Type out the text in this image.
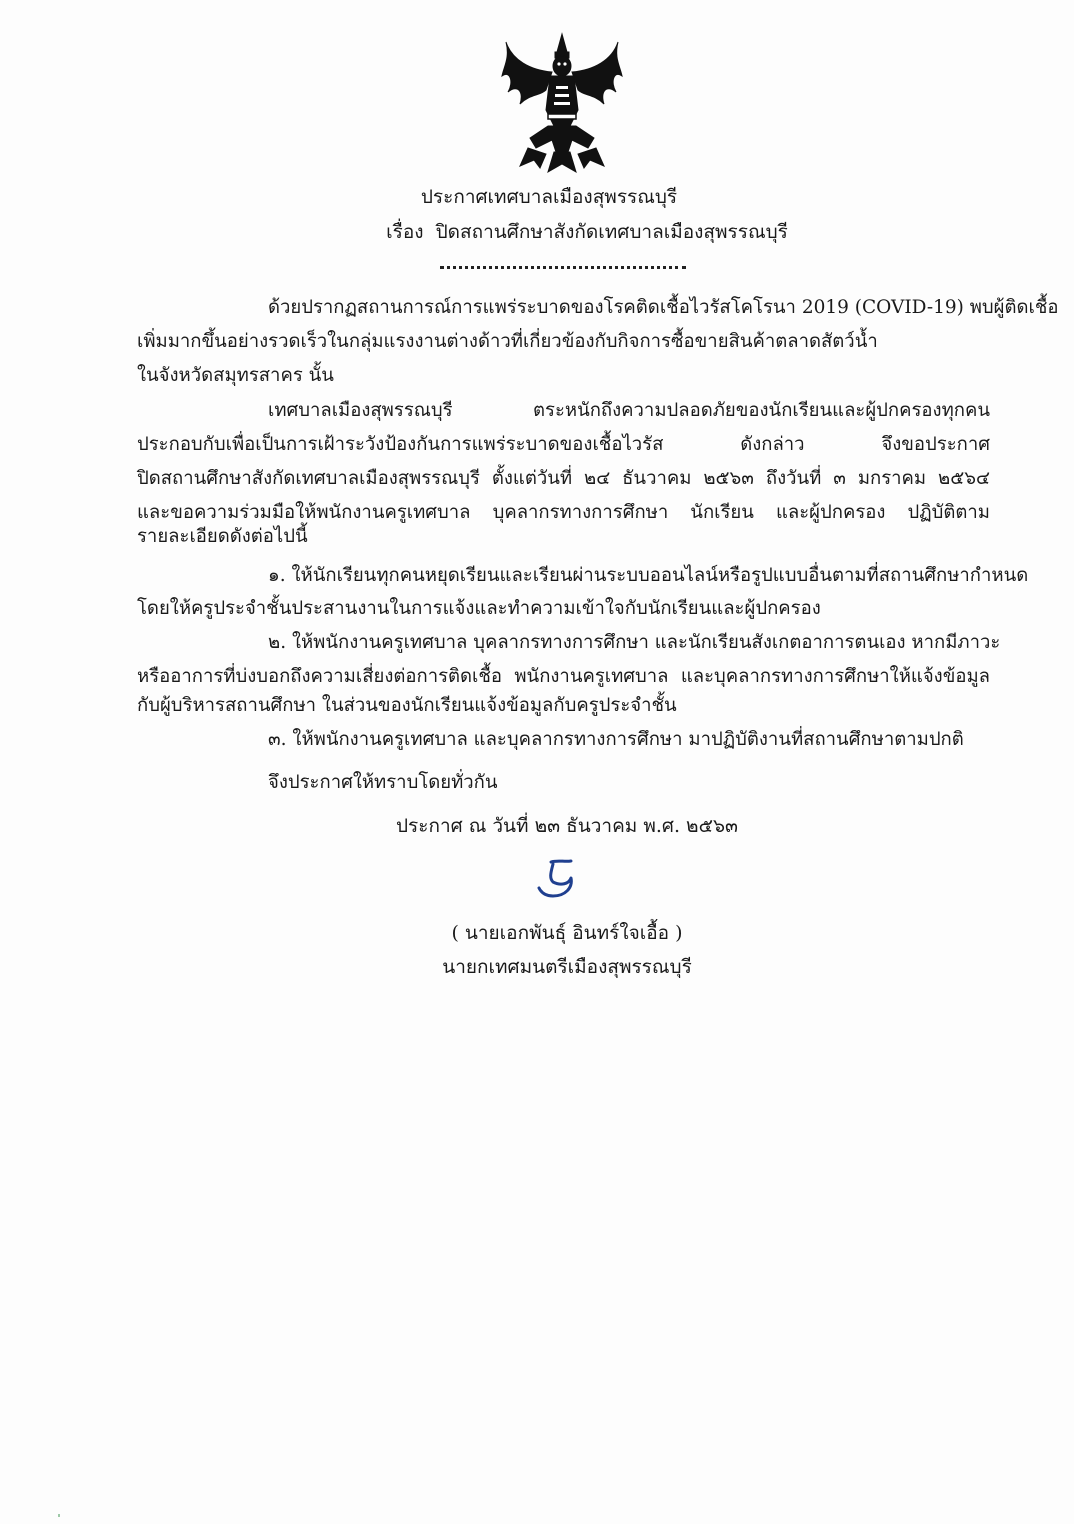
ประกาศเทศบาลเมืองสุพรรณบุรี
เรื่อง ปิดสถานศึกษาสังกัดเทศบาลเมืองสุพรรณบุรี
ด้วยปรากฏสถานการณ์การแพร่ระบาดของโรคติดเชื้อไวรัสโคโรนา 2019 (COVID-19) พบผู้ติดเชื้อ
เพิ่มมากขึ้นอย่างรวดเร็วในกลุ่มแรงงานต่างด้าวที่เกี่ยวข้องกับกิจการซื้อขายสินค้าตลาดสัตว์น้ำ
ในจังหวัดสมุทรสาคร นั้น
เทศบาลเมืองสุพรรณบุรี ตระหนักถึงความปลอดภัยของนักเรียนและผู้ปกครองทุกคน
ประกอบกับเพื่อเป็นการเฝ้าระวังป้องกันการแพร่ระบาดของเชื้อไวรัส ดังกล่าว จึงขอประกาศ
ปิดสถานศึกษาสังกัดเทศบาลเมืองสุพรรณบุรี ตั้งแต่วันที่ ๒๔ ธันวาคม ๒๕๖๓ ถึงวันที่ ๓ มกราคม ๒๕๖๔
และขอความร่วมมือให้พนักงานครูเทศบาล บุคลากรทางการศึกษา นักเรียน และผู้ปกครอง ปฏิบัติตาม
รายละเอียดดังต่อไปนี้
๑. ให้นักเรียนทุกคนหยุดเรียนและเรียนผ่านระบบออนไลน์หรือรูปแบบอื่นตามที่สถานศึกษากำหนด
โดยให้ครูประจำชั้นประสานงานในการแจ้งและทำความเข้าใจกับนักเรียนและผู้ปกครอง
๒. ให้พนักงานครูเทศบาล บุคลากรทางการศึกษา และนักเรียนสังเกตอาการตนเอง หากมีภาวะ
หรืออาการที่บ่งบอกถึงความเสี่ยงต่อการติดเชื้อ พนักงานครูเทศบาล และบุคลากรทางการศึกษาให้แจ้งข้อมูล
กับผู้บริหารสถานศึกษา ในส่วนของนักเรียนแจ้งข้อมูลกับครูประจำชั้น
๓. ให้พนักงานครูเทศบาล และบุคลากรทางการศึกษา มาปฏิบัติงานที่สถานศึกษาตามปกติ
จึงประกาศให้ทราบโดยทั่วกัน
ประกาศ ณ วันที่ ๒๓ ธันวาคม พ.ศ. ๒๕๖๓
( นายเอกพันธุ์ อินทร์ใจเอื้อ )
นายกเทศมนตรีเมืองสุพรรณบุรี
